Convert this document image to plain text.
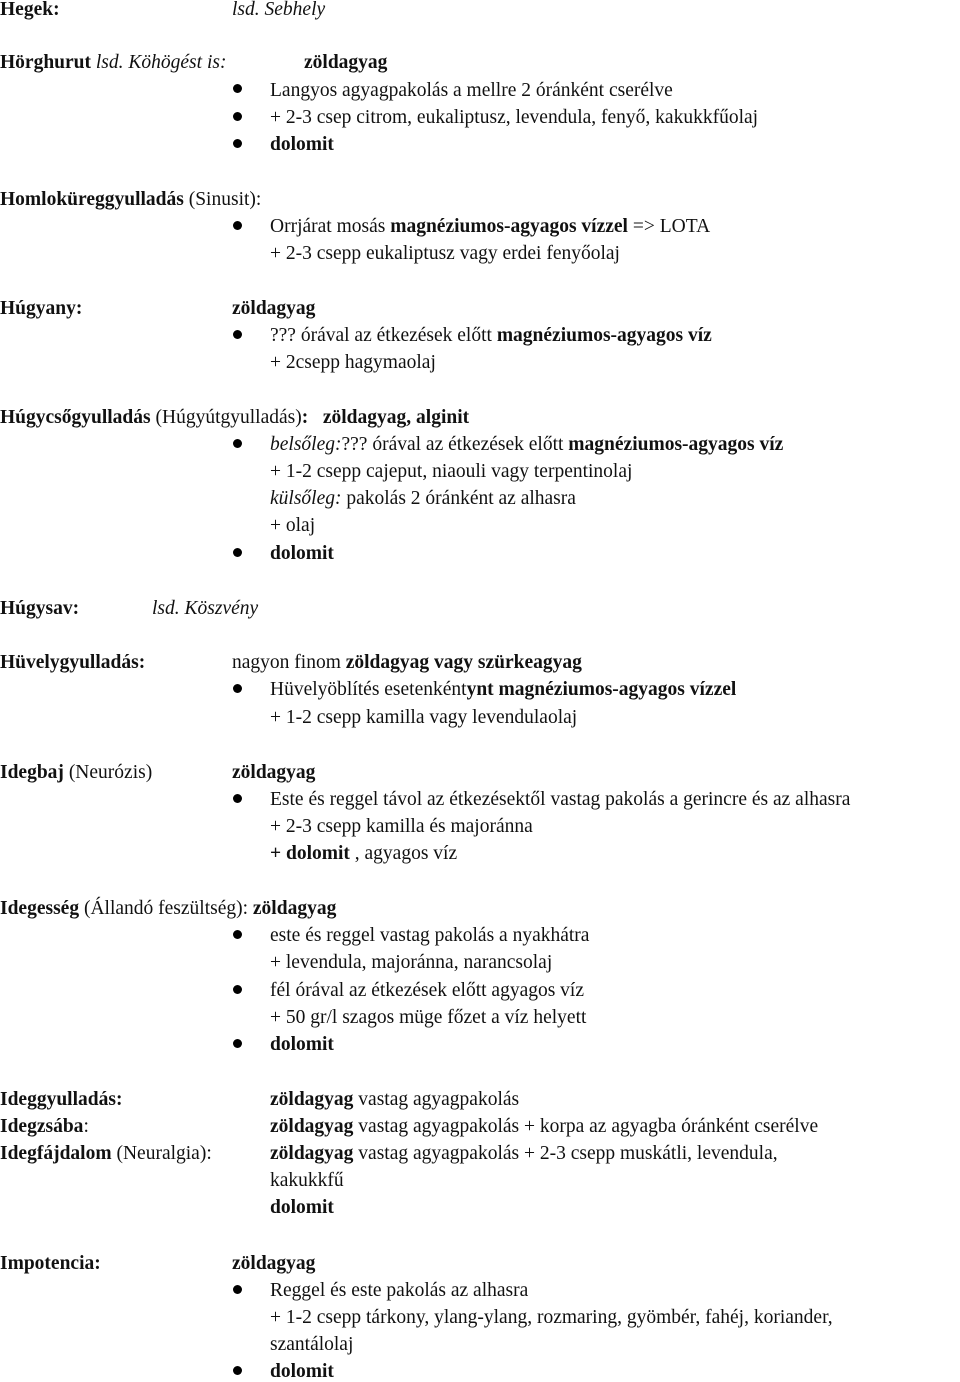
Hegek:	lsd. Sebhely
Hörghurut lsd. Köhögést is:	zöldagyag
Langyos agyagpakolás a mellre 2 óránként cserélve
+ 2-3 csep citrom, eukaliptusz, levendula, fenyő, kakukkfűolaj
dolomit
Homloküreggyulladás (Sinusit):
Orrjárat mosás magnéziumos-agyagos vízzel => LOTA
+ 2-3 csepp eukaliptusz vagy erdei fenyőolaj
Húgyany:	zöldagyag
??? órával az étkezések előtt magnéziumos-agyagos víz
+ 2csepp hagymaolaj
Húgycsőgyulladás (Húgyútgyulladás):   zöldagyag, alginit
belsőleg:??? órával az étkezések előtt magnéziumos-agyagos víz
+ 1-2 csepp cajeput, niaouli vagy terpentinolaj
külsőleg: pakolás 2 óránként az alhasra
+ olaj
dolomit
Húgysav:	lsd. Köszvény
Hüvelygyulladás:	nagyon finom zöldagyag vagy szürkeagyag
Hüvelyöblítés esetenkéntynt magnéziumos-agyagos vízzel
+ 1-2 csepp kamilla vagy levendulaolaj
Idegbaj (Neurózis)	zöldagyag
Este és reggel távol az étkezésektől vastag pakolás a gerincre és az alhasra
+ 2-3 csepp kamilla és majoránna
+ dolomit , agyagos víz
Idegesség (Állandó feszültség): zöldagyag
este és reggel vastag pakolás a nyakhátra
+ levendula, majoránna, narancsolaj
fél órával az étkezések előtt agyagos víz
+ 50 gr/l szagos müge főzet a víz helyett
dolomit
Ideggyulladás:	zöldagyag vastag agyagpakolás
Idegzsába:	zöldagyag vastag agyagpakolás + korpa az agyagba óránként cserélve
Idegfájdalom (Neuralgia):	zöldagyag vastag agyagpakolás + 2-3 csepp muskátli, levendula,
kakukkfű
dolomit
Impotencia:	zöldagyag
Reggel és este pakolás az alhasra
+ 1-2 csepp tárkony, ylang-ylang, rozmaring, gyömbér, fahéj, koriander,
szantálolaj
dolomit
